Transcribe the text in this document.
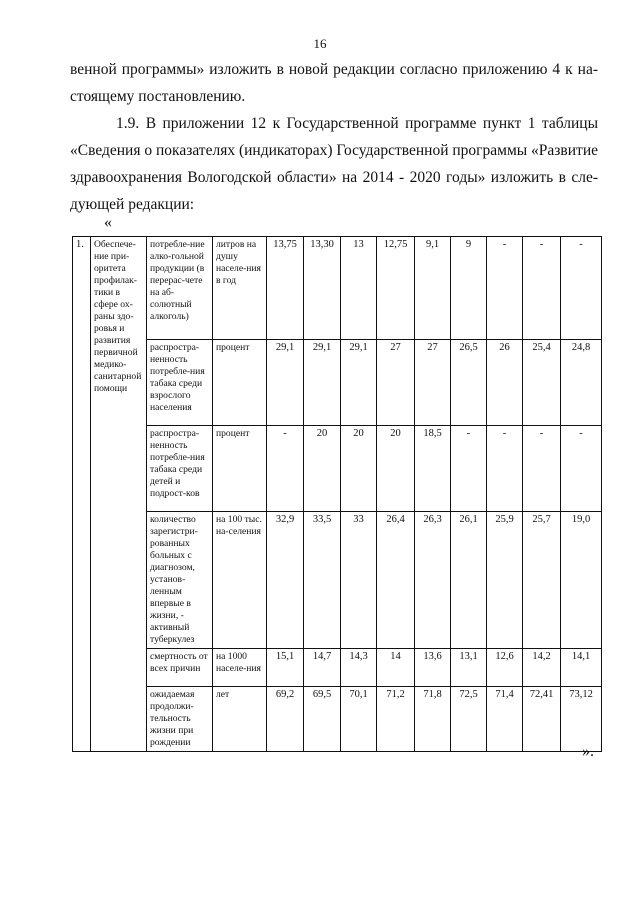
16
венной программы» изложить в новой редакции согласно приложению 4 к на-
стоящему постановлению.
1.9. В приложении 12 к Государственной программе пункт 1 таблицы
«Сведения о показателях (индикаторах) Государственной программы «Развитие
здравоохранения Вологодской области» на 2014 - 2020 годы» изложить в сле-
дующей редакции:
«
1.	Обеспече-ние при-оритета профилак-тики в сфере ох-раны здо-ровья и развития первичной медико-санитарной помощи	потребле-ние алко-гольной продукции (в перерас-чете на аб-солютный алкоголь)	литров на душу населе-ния в год	13,75	13,30	13	12,75	9,1	9	-	-	-
		распростра-ненность потребле-ния табака среди взрослого населения	процент	29,1	29,1	29,1	27	27	26,5	26	25,4	24,8
		распростра-ненность потребле-ния табака среди детей и подрост-ков	процент	-	20	20	20	18,5	-	-	-	-
		количество зарегистри-рованных больных с диагнозом, установ-ленным впервые в жизни, - активный туберкулез	на 100 тыс. на-селения	32,9	33,5	33	26,4	26,3	26,1	25,9	25,7	19,0
		смертность от всех причин	на 1000 населе-ния	15,1	14,7	14,3	14	13,6	13,1	12,6	14,2	14,1
		ожидаемая продолжи-тельность жизни при рождении	лет	69,2	69,5	70,1	71,2	71,8	72,5	71,4	72,41	73,12
».
